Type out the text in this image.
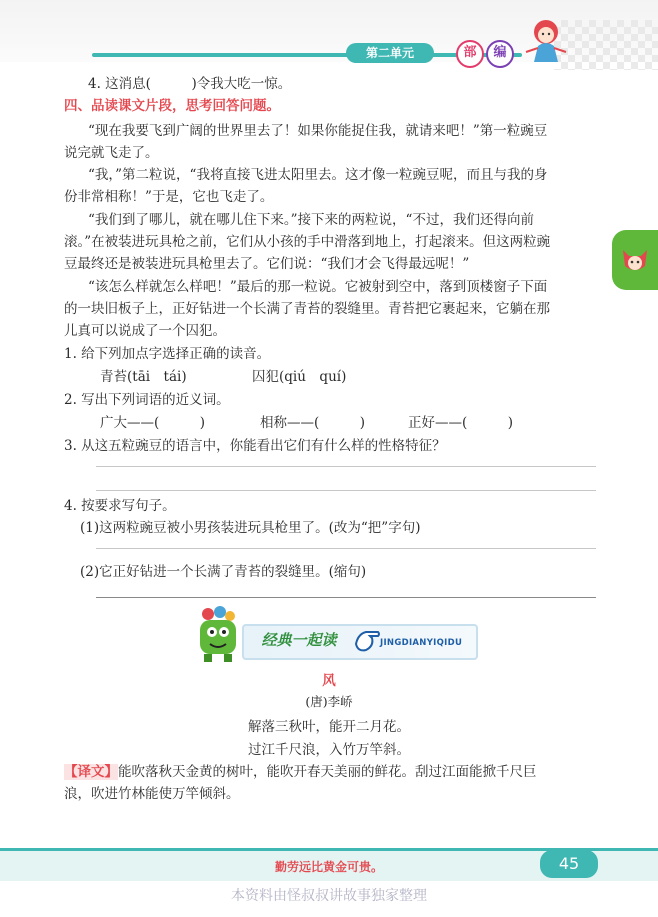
第二单元	部	编
4. 这消息(　　　)令我大吃一惊。
四、品读课文片段，思考回答问题。
“现在我要飞到广阔的世界里去了！如果你能捉住我，就请来吧！”第一粒豌豆
说完就飞走了。
“我，”第二粒说，“我将直接飞进太阳里去。这才像一粒豌豆呢，而且与我的身
份非常相称！”于是，它也飞走了。
“我们到了哪儿，就在哪儿住下来。”接下来的两粒说，“不过，我们还得向前
滚。”在被装进玩具枪之前，它们从小孩的手中滑落到地上，打起滚来。但这两粒豌
豆最终还是被装进玩具枪里去了。它们说：“我们才会飞得最远呢！”
“该怎么样就怎么样吧！”最后的那一粒说。它被射到空中，落到顶楼窗子下面
的一块旧板子上，正好钻进一个长满了青苔的裂缝里。青苔把它裹起来，它躺在那
儿真可以说成了一个囚犯。
1. 给下列加点字选择正确的读音。
青苔(tāi　tái)	囚犯(qiú　quí)
2. 写出下列词语的近义词。
广大——(　　　)	相称——(　　　)	正好——(　　　)
3. 从这五粒豌豆的语言中，你能看出它们有什么样的性格特征？
4. 按要求写句子。
(1)这两粒豌豆被小男孩装进玩具枪里了。(改为“把”字句)
(2)它正好钻进一个长满了青苔的裂缝里。(缩句)
经典一起读	JINGDIANYIQIDU
风
(唐)李峤
解落三秋叶，能开二月花。
过江千尺浪，入竹万竿斜。
【译文】能吹落秋天金黄的树叶，能吹开春天美丽的鲜花。刮过江面能掀千尺巨
浪，吹进竹林能使万竿倾斜。
勤劳远比黄金可贵。	45
本资料由怪叔叔讲故事独家整理
